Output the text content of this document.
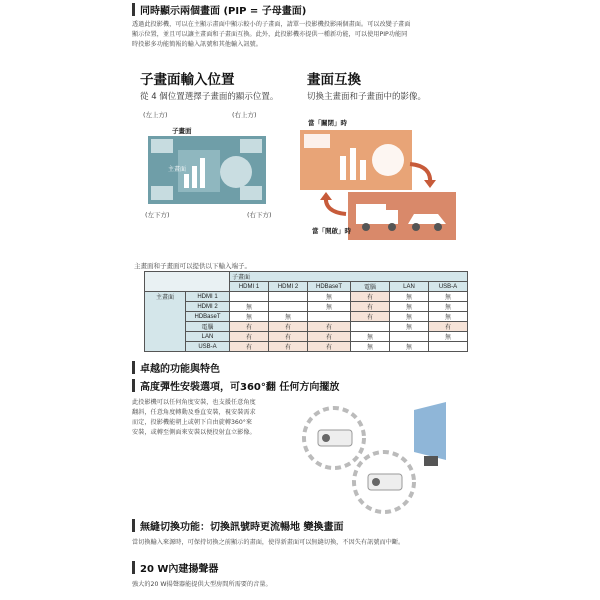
同時顯示兩個畫面 (PIP = 子母畫面)
透過此投影機，可以在主顯示畫面中顯示較小的子畫面，請單一投影機投影兩個畫面。可以改變子畫面
顯示位置，並且可以讓主畫面和子畫面互換。此外，此投影機亦提供一種新功能，可以使用PIP功能同
時投影多功能簡報的輸入訊號和其他輸入訊號。
子畫面輸入位置
從 4 個位置選擇子畫面的顯示位置。
(左上方)	(右上方)
子畫面
主畫面
(左下方)	(右下方)
畫面互換
切換主畫面和子畫面中的影像。
當「關閉」時
當「開啟」時
主畫面和子畫面可以提供以下輸入端子。
		子畫面					
		HDMI 1	HDMI 2	HDBaseT	電腦	LAN	USB-A
主畫面	HDMI 1			無	有	無	無
	HDMI 2	無		無	有	無	無
	HDBaseT	無	無		有	無	無
	電腦	有	有	有		無	有
	LAN	有	有	有	無		無
	USB-A	有	有	有	無	無	
卓越的功能與特色
高度彈性安裝選項，可360°翻 任何方向擺放
此投影機可以任何角度安裝，也支援任意角度
翻斜，任意角度轉動及垂直安裝，視安裝需求
而定，投影機能朝上或朝下自由旋轉360°來
安裝，或轉至側面來安裝以便投射直立影像。
無縫切換功能：切換訊號時更流暢地 變換畫面
當切換輸入來源時，可保持切換之前顯示的畫面，使得新畫面可以無縫切換，不因失有訊號而中斷。
20 W內建揚聲器
強大的20 W揚聲器能提供大型房間所需要的音量。
